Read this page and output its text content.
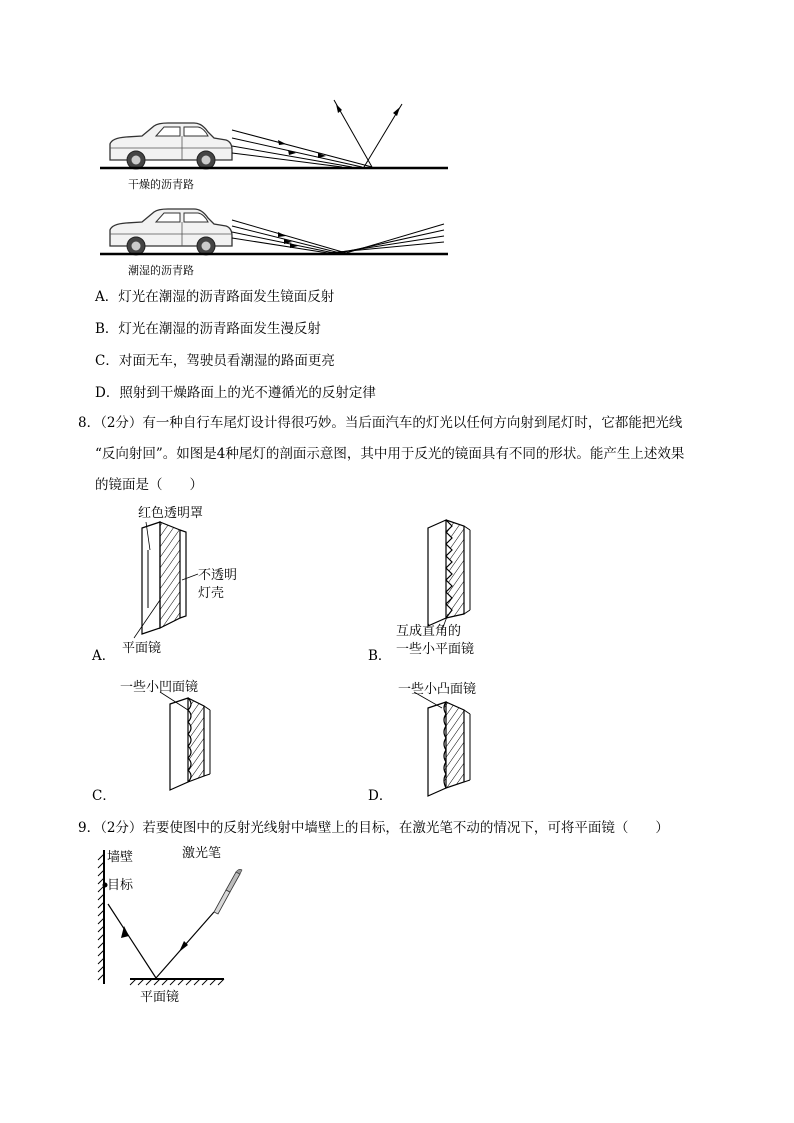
干燥的沥青路
潮湿的沥青路
A．灯光在潮湿的沥青路面发生镜面反射
B．灯光在潮湿的沥青路面发生漫反射
C．对面无车，驾驶员看潮湿的路面更亮
D．照射到干燥路面上的光不遵循光的反射定律
8．（2分）有一种自行车尾灯设计得很巧妙。当后面汽车的灯光以任何方向射到尾灯时，它都能把光线
“反向射回”。如图是4种尾灯的剖面示意图，其中用于反光的镜面具有不同的形状。能产生上述效果
的镜面是（　　）
红色透明罩
不透明
灯壳
平面镜
A．
互成直角的
一些小平面镜
B．
一些小凹面镜
C．
一些小凸面镜
D．
9．（2分）若要使图中的反射光线射中墙壁上的目标，在激光笔不动的情况下，可将平面镜（　　）
墙壁
目标
激光笔
平面镜
